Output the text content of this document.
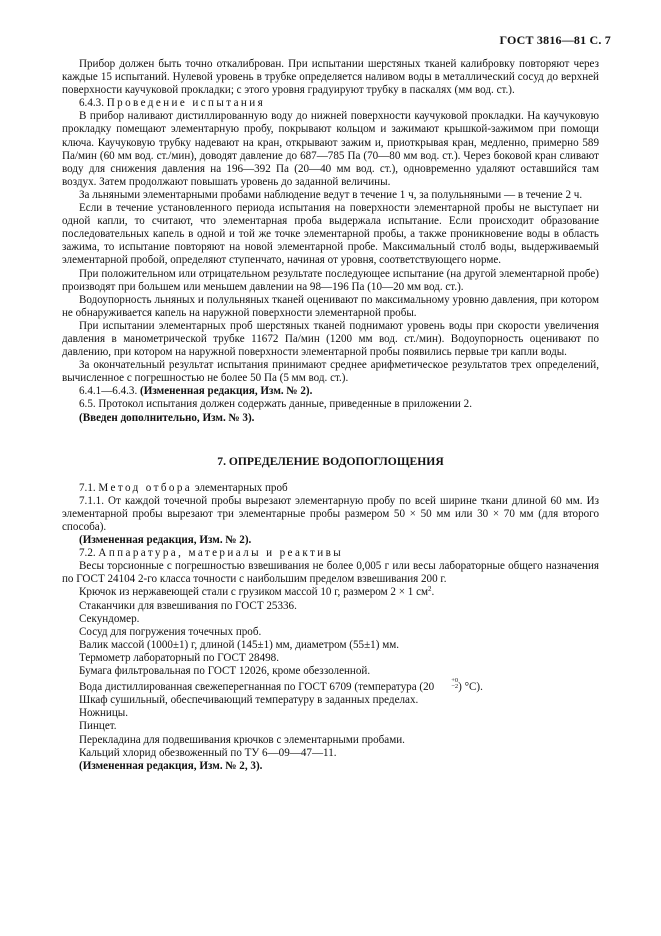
ГОСТ 3816—81 С. 7

Прибор должен быть точно откалиброван. При испытании шерстяных тканей калибровку повторяют через каждые 15 испытаний. Нулевой уровень в трубке определяется наливом воды в металлический сосуд до верхней поверхности каучуковой прокладки; с этого уровня градуируют трубку в паскалях (мм вод. ст.).

6.4.3. Проведение испытания

В прибор наливают дистиллированную воду до нижней поверхности каучуковой прокладки. На каучуковую прокладку помещают элементарную пробу, покрывают кольцом и зажимают крышкой-зажимом при помощи ключа. Каучуковую трубку надевают на кран, открывают зажим и, приоткрывая кран, медленно, примерно 589 Па/мин (60 мм вод. ст./мин), доводят давление до 687—785 Па (70—80 мм вод. ст.). Через боковой кран сливают воду для снижения давления на 196—392 Па (20—40 мм вод. ст.), одновременно удаляют оставшийся там воздух. Затем продолжают повышать уровень до заданной величины.

За льняными элементарными пробами наблюдение ведут в течение 1 ч, за полульняными — в течение 2 ч.

Если в течение установленного периода испытания на поверхности элементарной пробы не выступает ни одной капли, то считают, что элементарная проба выдержала испытание. Если происходит образование последовательных капель в одной и той же точке элементарной пробы, а также проникновение воды в область зажима, то испытание повторяют на новой элементарной пробе. Максимальный столб воды, выдерживаемый элементарной пробой, определяют ступенчато, начиная от уровня, соответствующего норме.

При положительном или отрицательном результате последующее испытание (на другой элементарной пробе) производят при большем или меньшем давлении на 98—196 Па (10—20 мм вод. ст.).

Водоупорность льняных и полульняных тканей оценивают по максимальному уровню давления, при котором не обнаруживается капель на наружной поверхности элементарной пробы.

При испытании элементарных проб шерстяных тканей поднимают уровень воды при скорости увеличения давления в манометрической трубке 11672 Па/мин (1200 мм вод. ст./мин). Водоупорность оценивают по давлению, при котором на наружной поверхности элементарной пробы появились первые три капли воды.

За окончательный результат испытания принимают среднее арифметическое результатов трех определений, вычисленное с погрешностью не более 50 Па (5 мм вод. ст.).

6.4.1—6.4.3. (Измененная редакция, Изм. № 2).

6.5. Протокол испытания должен содержать данные, приведенные в приложении 2.

(Введен дополнительно, Изм. № 3).

7. ОПРЕДЕЛЕНИЕ ВОДОПОГЛОЩЕНИЯ

7.1. Метод отбора элементарных проб

7.1.1. От каждой точечной пробы вырезают элементарную пробу по всей ширине ткани длиной 60 мм. Из элементарной пробы вырезают три элементарные пробы размером 50 × 50 мм или 30 × 70 мм (для второго способа).

(Измененная редакция, Изм. № 2).

7.2. Аппаратура, материалы и реактивы

Весы торсионные с погрешностью взвешивания не более 0,005 г или весы лабораторные общего назначения по ГОСТ 24104 2-го класса точности с наибольшим пределом взвешивания 200 г.

Крючок из нержавеющей стали с грузиком массой 10 г, размером 2 × 1 $см^2$.

Стаканчики для взвешивания по ГОСТ 25336.

Секундомер.

Сосуд для погружения точечных проб.

Валик массой (1000±1) г, длиной (145±1) мм, диаметром (55±1) мм.

Термометр лабораторный по ГОСТ 28498.

Бумага фильтровальная по ГОСТ 12026, кроме обеззоленной.

Вода дистиллированная свежеперегнанная по ГОСТ 6709 (температура (20
+0
−2 ) °С).

Шкаф сушильный, обеспечивающий температуру в заданных пределах.

Ножницы.

Пинцет.

Перекладина для подвешивания крючков с элементарными пробами.

Кальций хлорид обезвоженный по ТУ 6—09—47—11.

(Измененная редакция, Изм. № 2, 3).
